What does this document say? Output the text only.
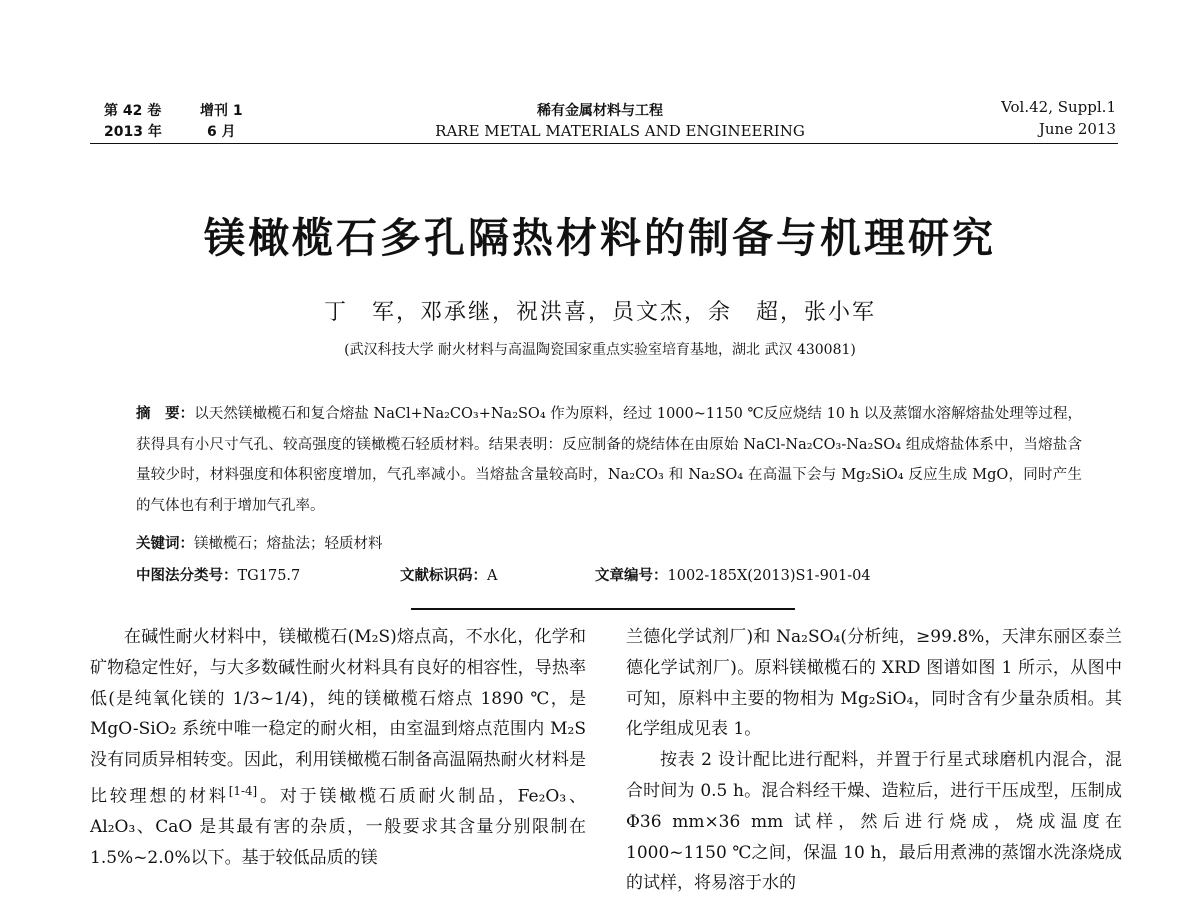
第 42 卷	增刊 1
2013 年	6 月
稀有金属材料与工程
RARE METAL MATERIALS AND ENGINEERING
Vol.42, Suppl.1
June 2013
镁橄榄石多孔隔热材料的制备与机理研究
丁　军，邓承继，祝洪喜，员文杰，余　超，张小军
(武汉科技大学 耐火材料与高温陶瓷国家重点实验室培育基地，湖北 武汉 430081)
摘　要：以天然镁橄榄石和复合熔盐 NaCl+Na₂CO₃+Na₂SO₄ 作为原料，经过 1000~1150 ℃反应烧结 10 h 以及蒸馏水溶解熔盐处理等过程，获得具有小尺寸气孔、较高强度的镁橄榄石轻质材料。结果表明：反应制备的烧结体在由原始 NaCl-Na₂CO₃-Na₂SO₄ 组成熔盐体系中，当熔盐含量较少时，材料强度和体积密度增加，气孔率减小。当熔盐含量较高时，Na₂CO₃ 和 Na₂SO₄ 在高温下会与 Mg₂SiO₄ 反应生成 MgO，同时产生的气体也有利于增加气孔率。
关键词：镁橄榄石；熔盐法；轻质材料
中图法分类号：TG175.7	文献标识码：A	文章编号：1002-185X(2013)S1-901-04

在碱性耐火材料中，镁橄榄石(M₂S)熔点高，不水化，化学和矿物稳定性好，与大多数碱性耐火材料具有良好的相容性，导热率低(是纯氧化镁的 1/3~1/4)，纯的镁橄榄石熔点 1890 ℃，是 MgO-SiO₂ 系统中唯一稳定的耐火相，由室温到熔点范围内 M₂S 没有同质异相转变。因此，利用镁橄榄石制备高温隔热耐火材料是比较理想的材料[1-4]。对于镁橄榄石质耐火制品，Fe₂O₃、Al₂O₃、CaO 是其最有害的杂质，一般要求其含量分别限制在 1.5%~2.0%以下。基于较低品质的镁

兰德化学试剂厂)和 Na₂SO₄(分析纯，≥99.8%，天津东丽区泰兰德化学试剂厂)。原料镁橄榄石的 XRD 图谱如图 1 所示，从图中可知，原料中主要的物相为 Mg₂SiO₄，同时含有少量杂质相。其化学组成见表 1。

按表 2 设计配比进行配料，并置于行星式球磨机内混合，混合时间为 0.5 h。混合料经干燥、造粒后，进行干压成型，压制成 Φ36 mm×36 mm 试样，然后进行烧成，烧成温度在 1000~1150 ℃之间，保温 10 h，最后用煮沸的蒸馏水洗涤烧成的试样，将易溶于水的
